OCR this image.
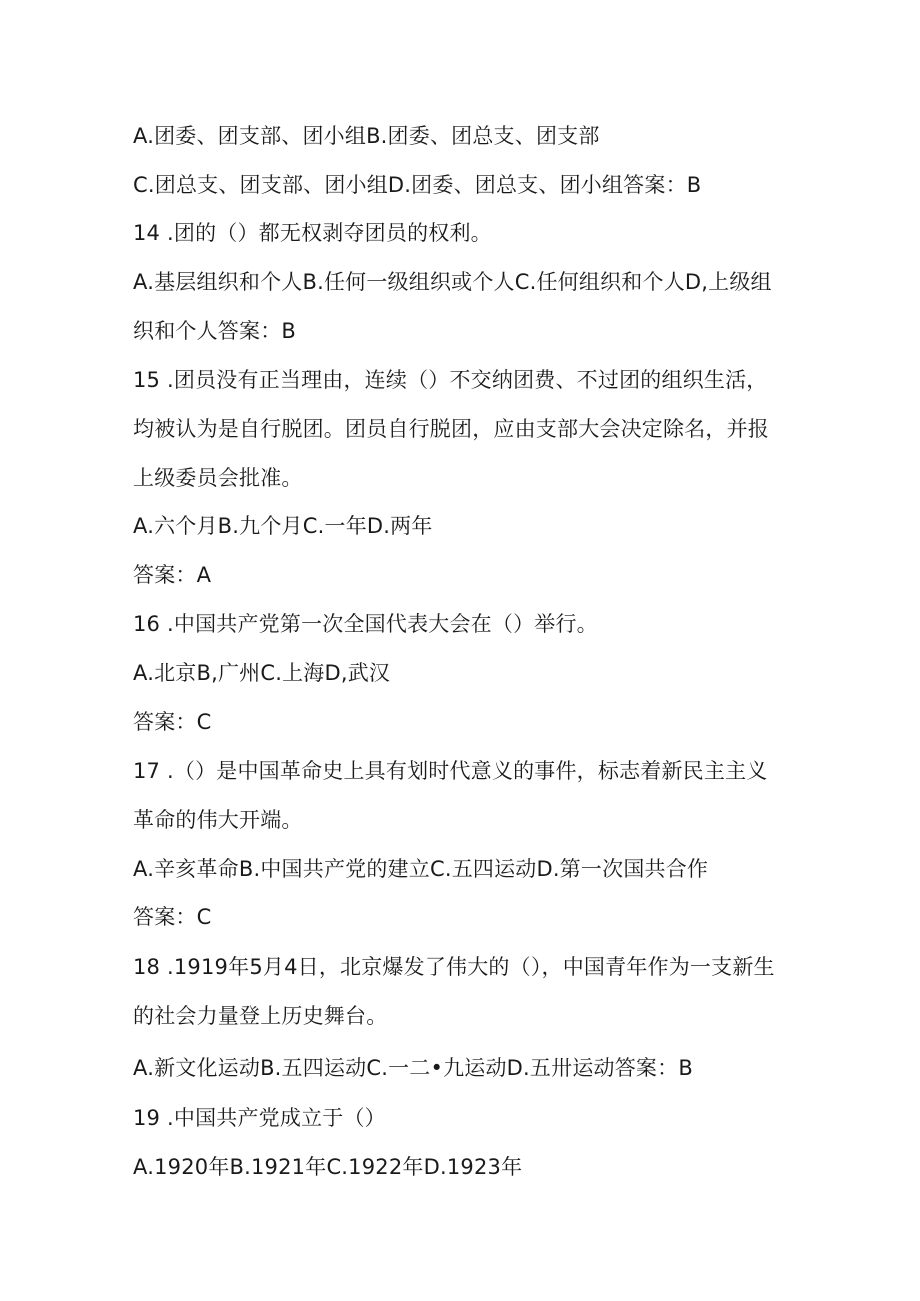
A.团委、团支部、团小组B.团委、团总支、团支部
C.团总支、团支部、团小组D.团委、团总支、团小组答案：B
14 .团的（）都无权剥夺团员的权利。
A.基层组织和个人B.任何一级组织或个人C.任何组织和个人D,上级组
织和个人答案：B
15 .团员没有正当理由，连续（）不交纳团费、不过团的组织生活，
均被认为是自行脱团。团员自行脱团，应由支部大会决定除名，并报
上级委员会批准。
A.六个月B.九个月C.一年D.两年
答案：A
16 .中国共产党第一次全国代表大会在（）举行。
A.北京B,广州C.上海D,武汉
答案：C
17 .（）是中国革命史上具有划时代意义的事件，标志着新民主主义
革命的伟大开端。
A.辛亥革命B.中国共产党的建立C.五四运动D.第一次国共合作
答案：C
18 .1919年5月4日，北京爆发了伟大的（），中国青年作为一支新生
的社会力量登上历史舞台。
A.新文化运动B.五四运动C.一二•九运动D.五卅运动答案：B
19 .中国共产党成立于（）
A.1920年B.1921年C.1922年D.1923年
